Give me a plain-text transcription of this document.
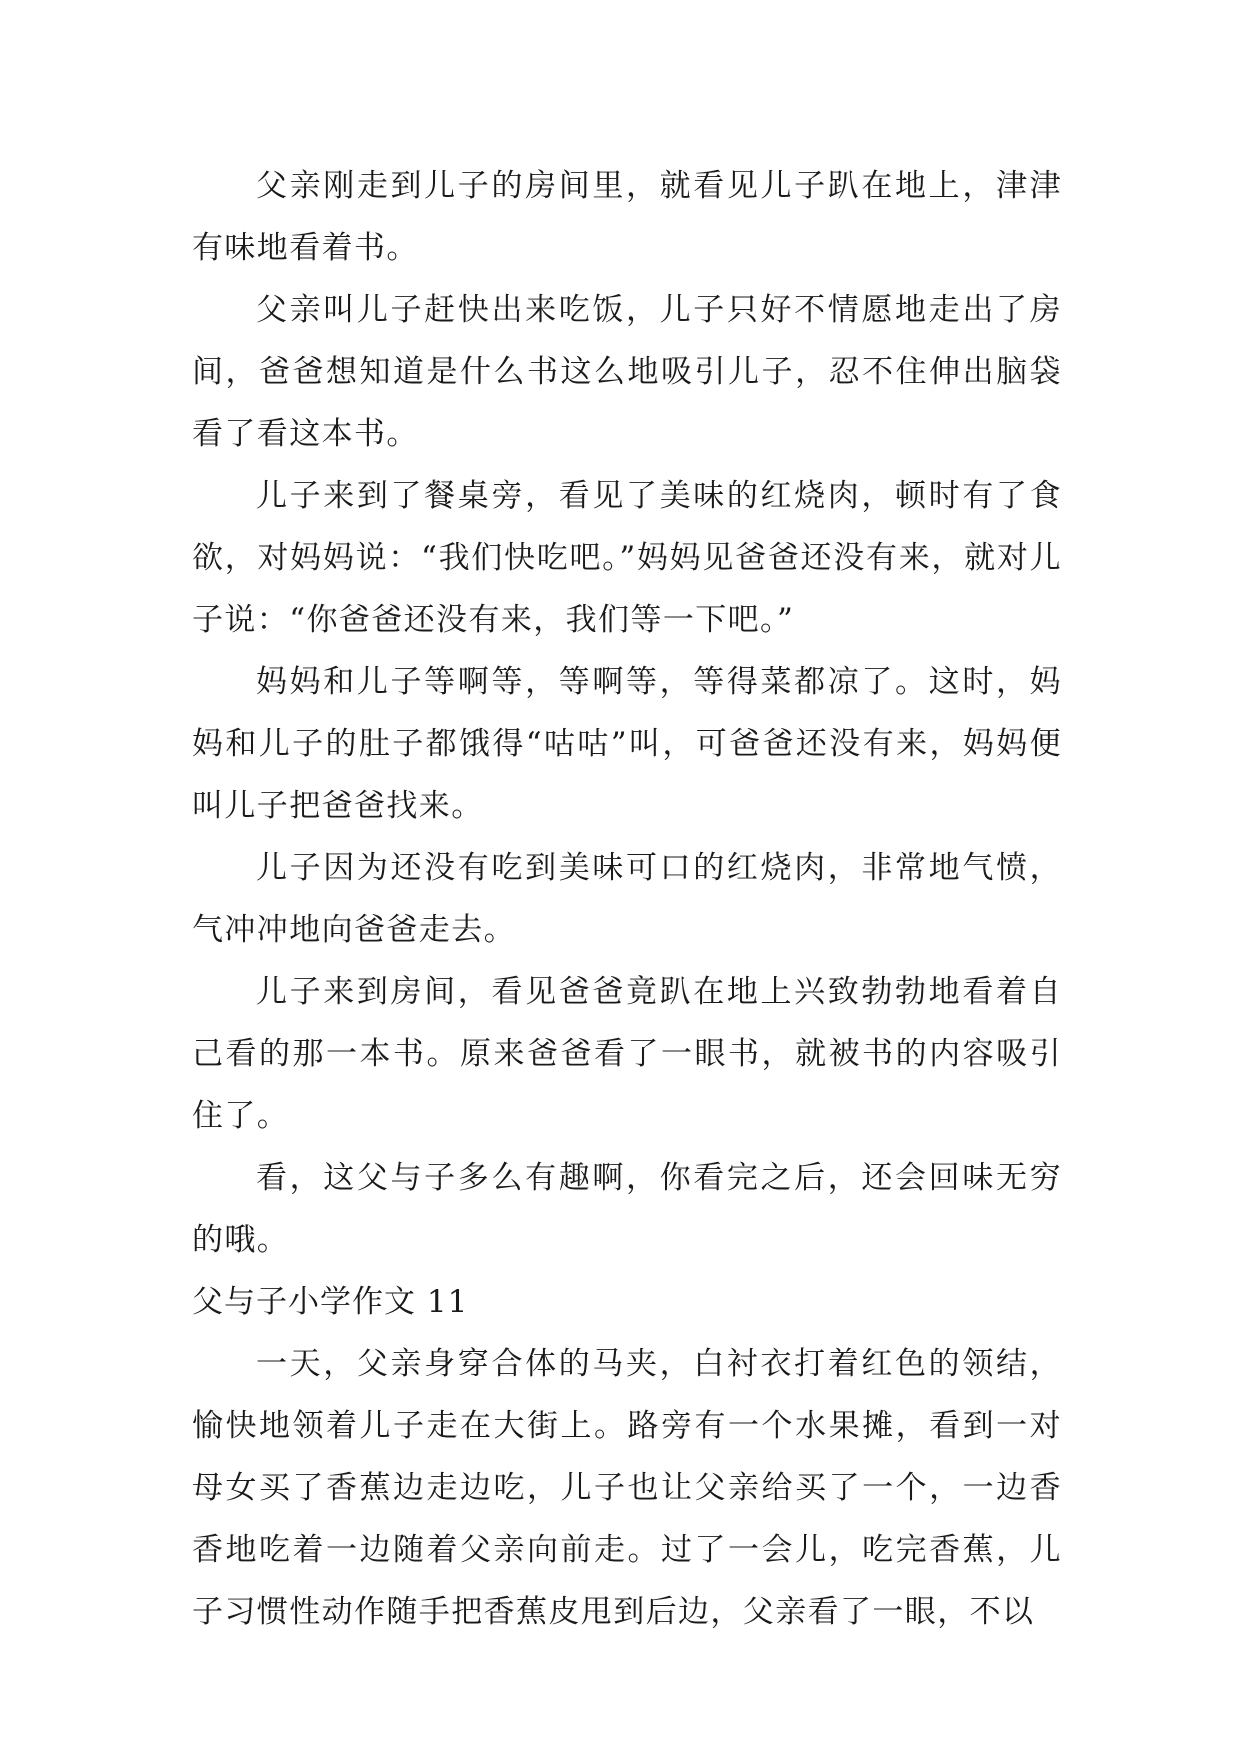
父亲刚走到儿子的房间里，就看见儿子趴在地上，津津有味地看着书。

父亲叫儿子赶快出来吃饭，儿子只好不情愿地走出了房间，爸爸想知道是什么书这么地吸引儿子，忍不住伸出脑袋看了看这本书。

儿子来到了餐桌旁，看见了美味的红烧肉，顿时有了食欲，对妈妈说：“我们快吃吧。”妈妈见爸爸还没有来，就对儿子说：“你爸爸还没有来，我们等一下吧。”

妈妈和儿子等啊等，等啊等，等得菜都凉了。这时，妈妈和儿子的肚子都饿得“咕咕”叫，可爸爸还没有来，妈妈便叫儿子把爸爸找来。

儿子因为还没有吃到美味可口的红烧肉，非常地气愤，气冲冲地向爸爸走去。

儿子来到房间，看见爸爸竟趴在地上兴致勃勃地看着自己看的那一本书。原来爸爸看了一眼书，就被书的内容吸引住了。

看，这父与子多么有趣啊，你看完之后，还会回味无穷的哦。

父与子小学作文 11

一天，父亲身穿合体的马夹，白衬衣打着红色的领结，愉快地领着儿子走在大街上。路旁有一个水果摊，看到一对母女买了香蕉边走边吃，儿子也让父亲给买了一个，一边香香地吃着一边随着父亲向前走。过了一会儿，吃完香蕉，儿子习惯性动作随手把香蕉皮甩到后边，父亲看了一眼，不以
